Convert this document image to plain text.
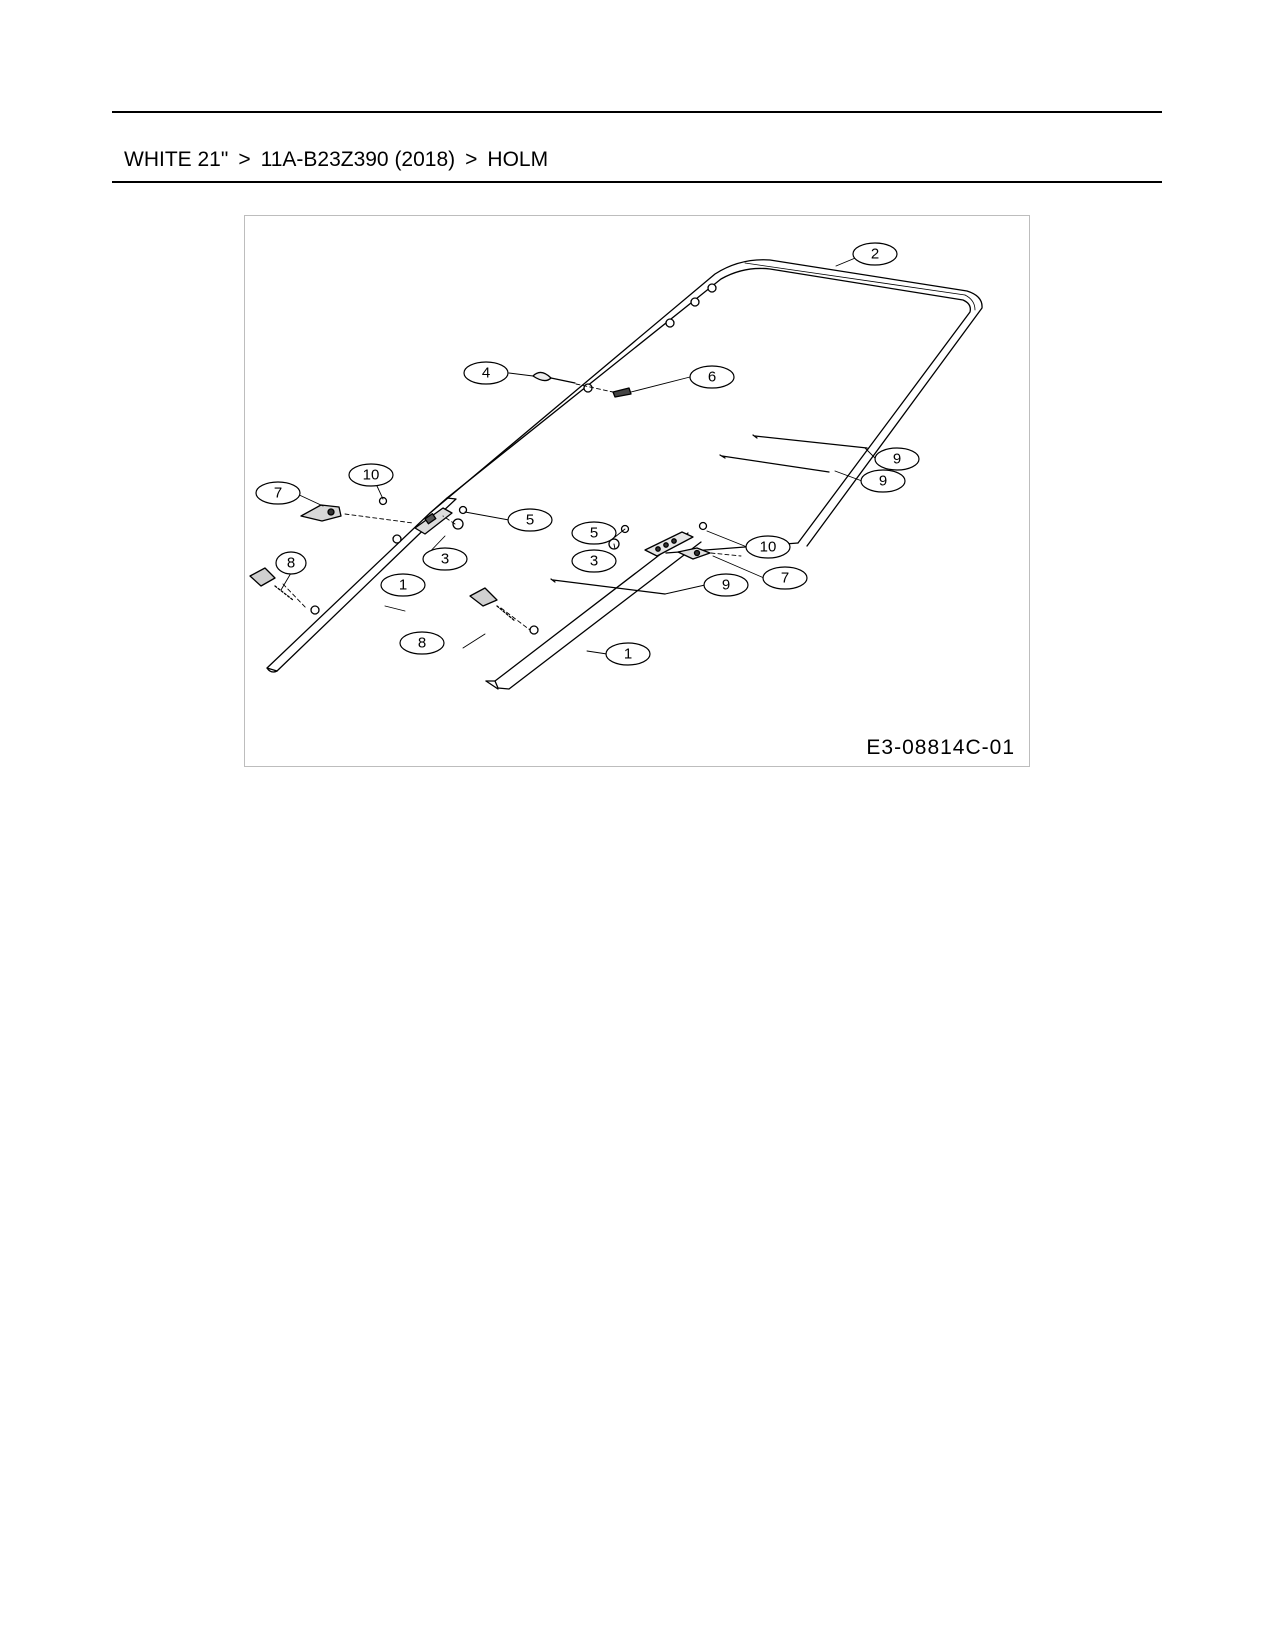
WHITE 21" > 11A-B23Z390 (2018) > HOLM
4	6
2
7
10
5
3
8
1
8
5
3
10
7
9
1
9
9
E3-08814C-01
